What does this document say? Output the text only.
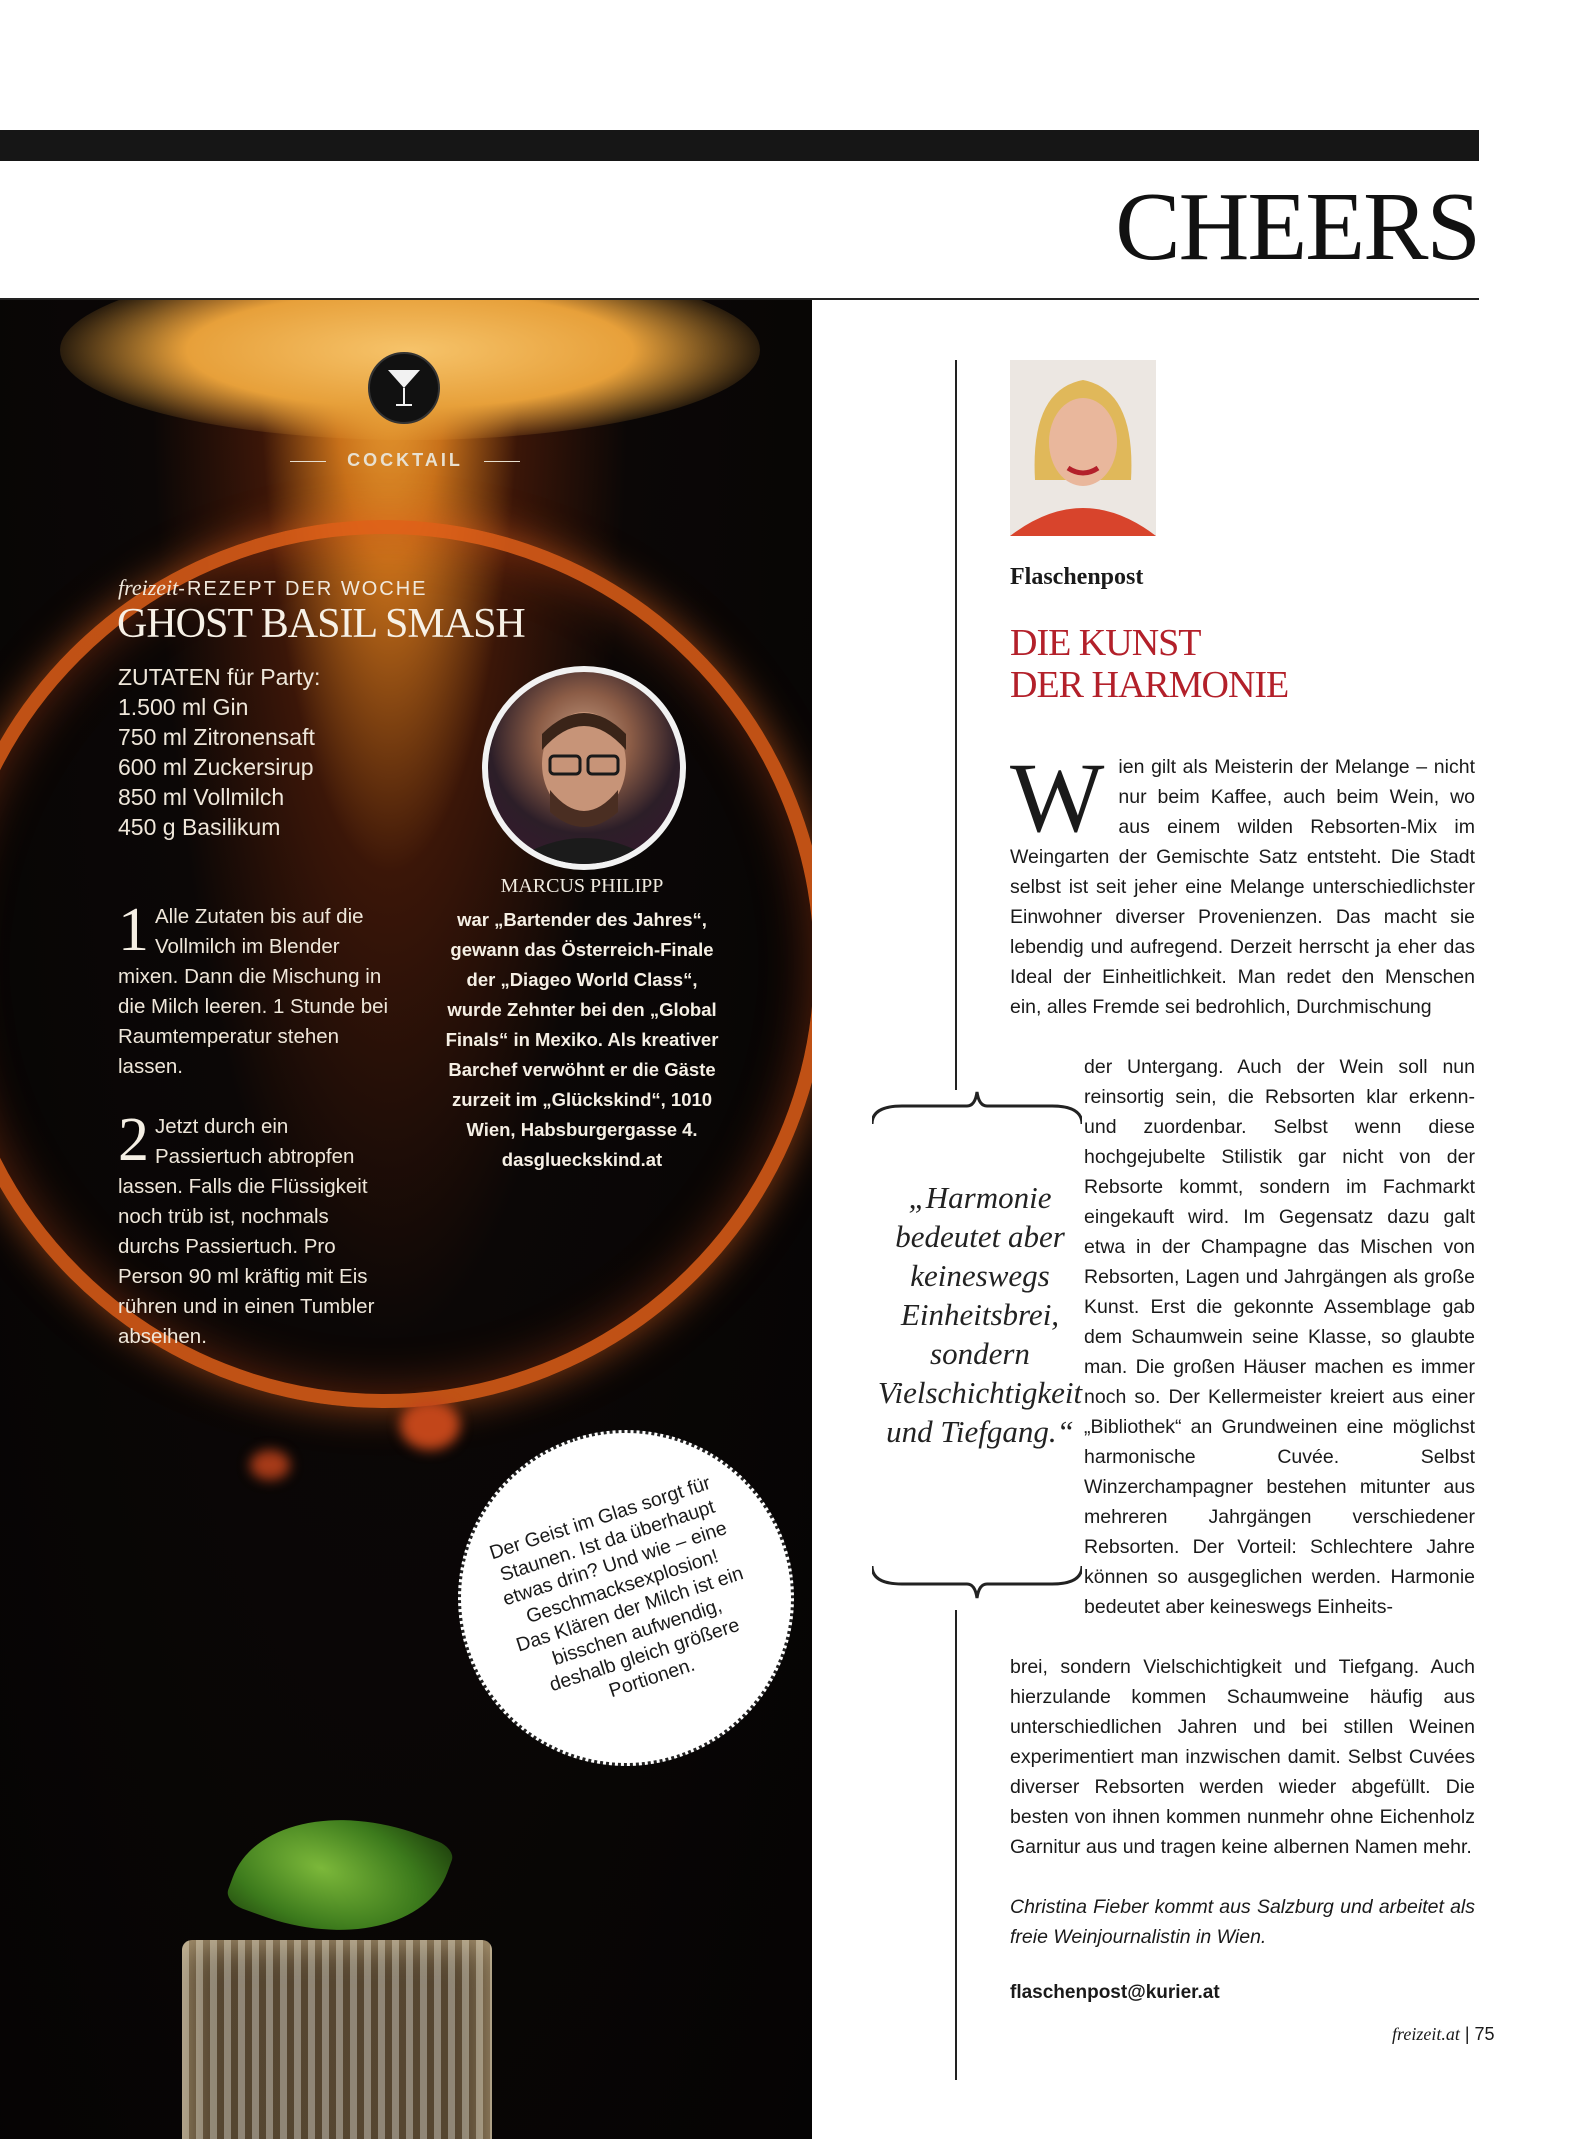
CHEERS
COCKTAIL
freizeit-REZEPT DER WOCHE
GHOST BASIL SMASH
ZUTATEN für Party:
1.500 ml Gin
750 ml Zitronensaft
600 ml Zuckersirup
850 ml Vollmilch
450 g Basilikum
MARCUS PHILIPP
war „Bartender des Jahres“, gewann das Österreich-Finale der „Diageo World Class“, wurde Zehnter bei den „Global Finals“ in Mexiko. Als kreativer Barchef verwöhnt er die Gäste zurzeit im „Glückskind“, 1010 Wien, Habsburgergasse 4. dasglueckskind.at
1 Alle Zutaten bis auf die Vollmilch im Blender mixen. Dann die Mischung in die Milch leeren. 1 Stunde bei Raumtemperatur stehen lassen.
2 Jetzt durch ein Passiertuch abtropfen lassen. Falls die Flüssigkeit noch trüb ist, nochmals durchs Passiertuch. Pro Person 90 ml kräftig mit Eis rühren und in einen Tumbler abseihen.
Der Geist im Glas sorgt für Staunen. Ist da überhaupt etwas drin? Und wie – eine Geschmacksexplosion! Das Klären der Milch ist ein bisschen aufwendig, deshalb gleich größere Portionen.
Flaschenpost
DIE KUNST
DER HARMONIE
Wien gilt als Meisterin der Melange – nicht nur beim Kaffee, auch beim Wein, wo aus einem wilden Rebsorten-Mix im Weingarten der Gemischte Satz entsteht. Die Stadt selbst ist seit jeher eine Melange unterschiedlichster Einwohner diverser Provenienzen. Das macht sie lebendig und aufregend. Derzeit herrscht ja eher das Ideal der Einheitlichkeit. Man redet den Menschen ein, alles Fremde sei bedrohlich, Durchmischung
der Untergang. Auch der Wein soll nun reinsortig sein, die Rebsorten klar erkenn- und zuordenbar. Selbst wenn diese hochgejubelte Stilistik gar nicht von der Rebsorte kommt, sondern im Fachmarkt eingekauft wird. Im Gegensatz dazu galt etwa in der Champagne das Mischen von Rebsorten, Lagen und Jahrgängen als große Kunst. Erst die gekonnte Assemblage gab dem Schaumwein seine Klasse, so glaubte man. Die großen Häuser machen es immer noch so. Der Kellermeister kreiert aus einer „Bibliothek“ an Grundweinen eine möglichst harmonische Cuvée. Selbst Winzerchampagner bestehen mitunter aus mehreren Jahrgängen verschiedener Rebsorten. Der Vorteil: Schlechtere Jahre können so ausgeglichen werden. Harmonie bedeutet aber keineswegs Einheits-
brei, sondern Vielschichtigkeit und Tiefgang. Auch hierzulande kommen Schaumweine häufig aus unterschiedlichen Jahren und bei stillen Weinen experimentiert man inzwischen damit. Selbst Cuvées diverser Rebsorten werden wieder abgefüllt. Die besten von ihnen kommen nunmehr ohne Eichenholz Garnitur aus und tragen keine albernen Namen mehr.
Christina Fieber kommt aus Salzburg und arbeitet als freie Weinjournalistin in Wien.
„Harmonie bedeutet aber keineswegs Einheitsbrei, sondern Vielschichtigkeit und Tiefgang.“
flaschenpost@kurier.at
freizeit.at | 75
